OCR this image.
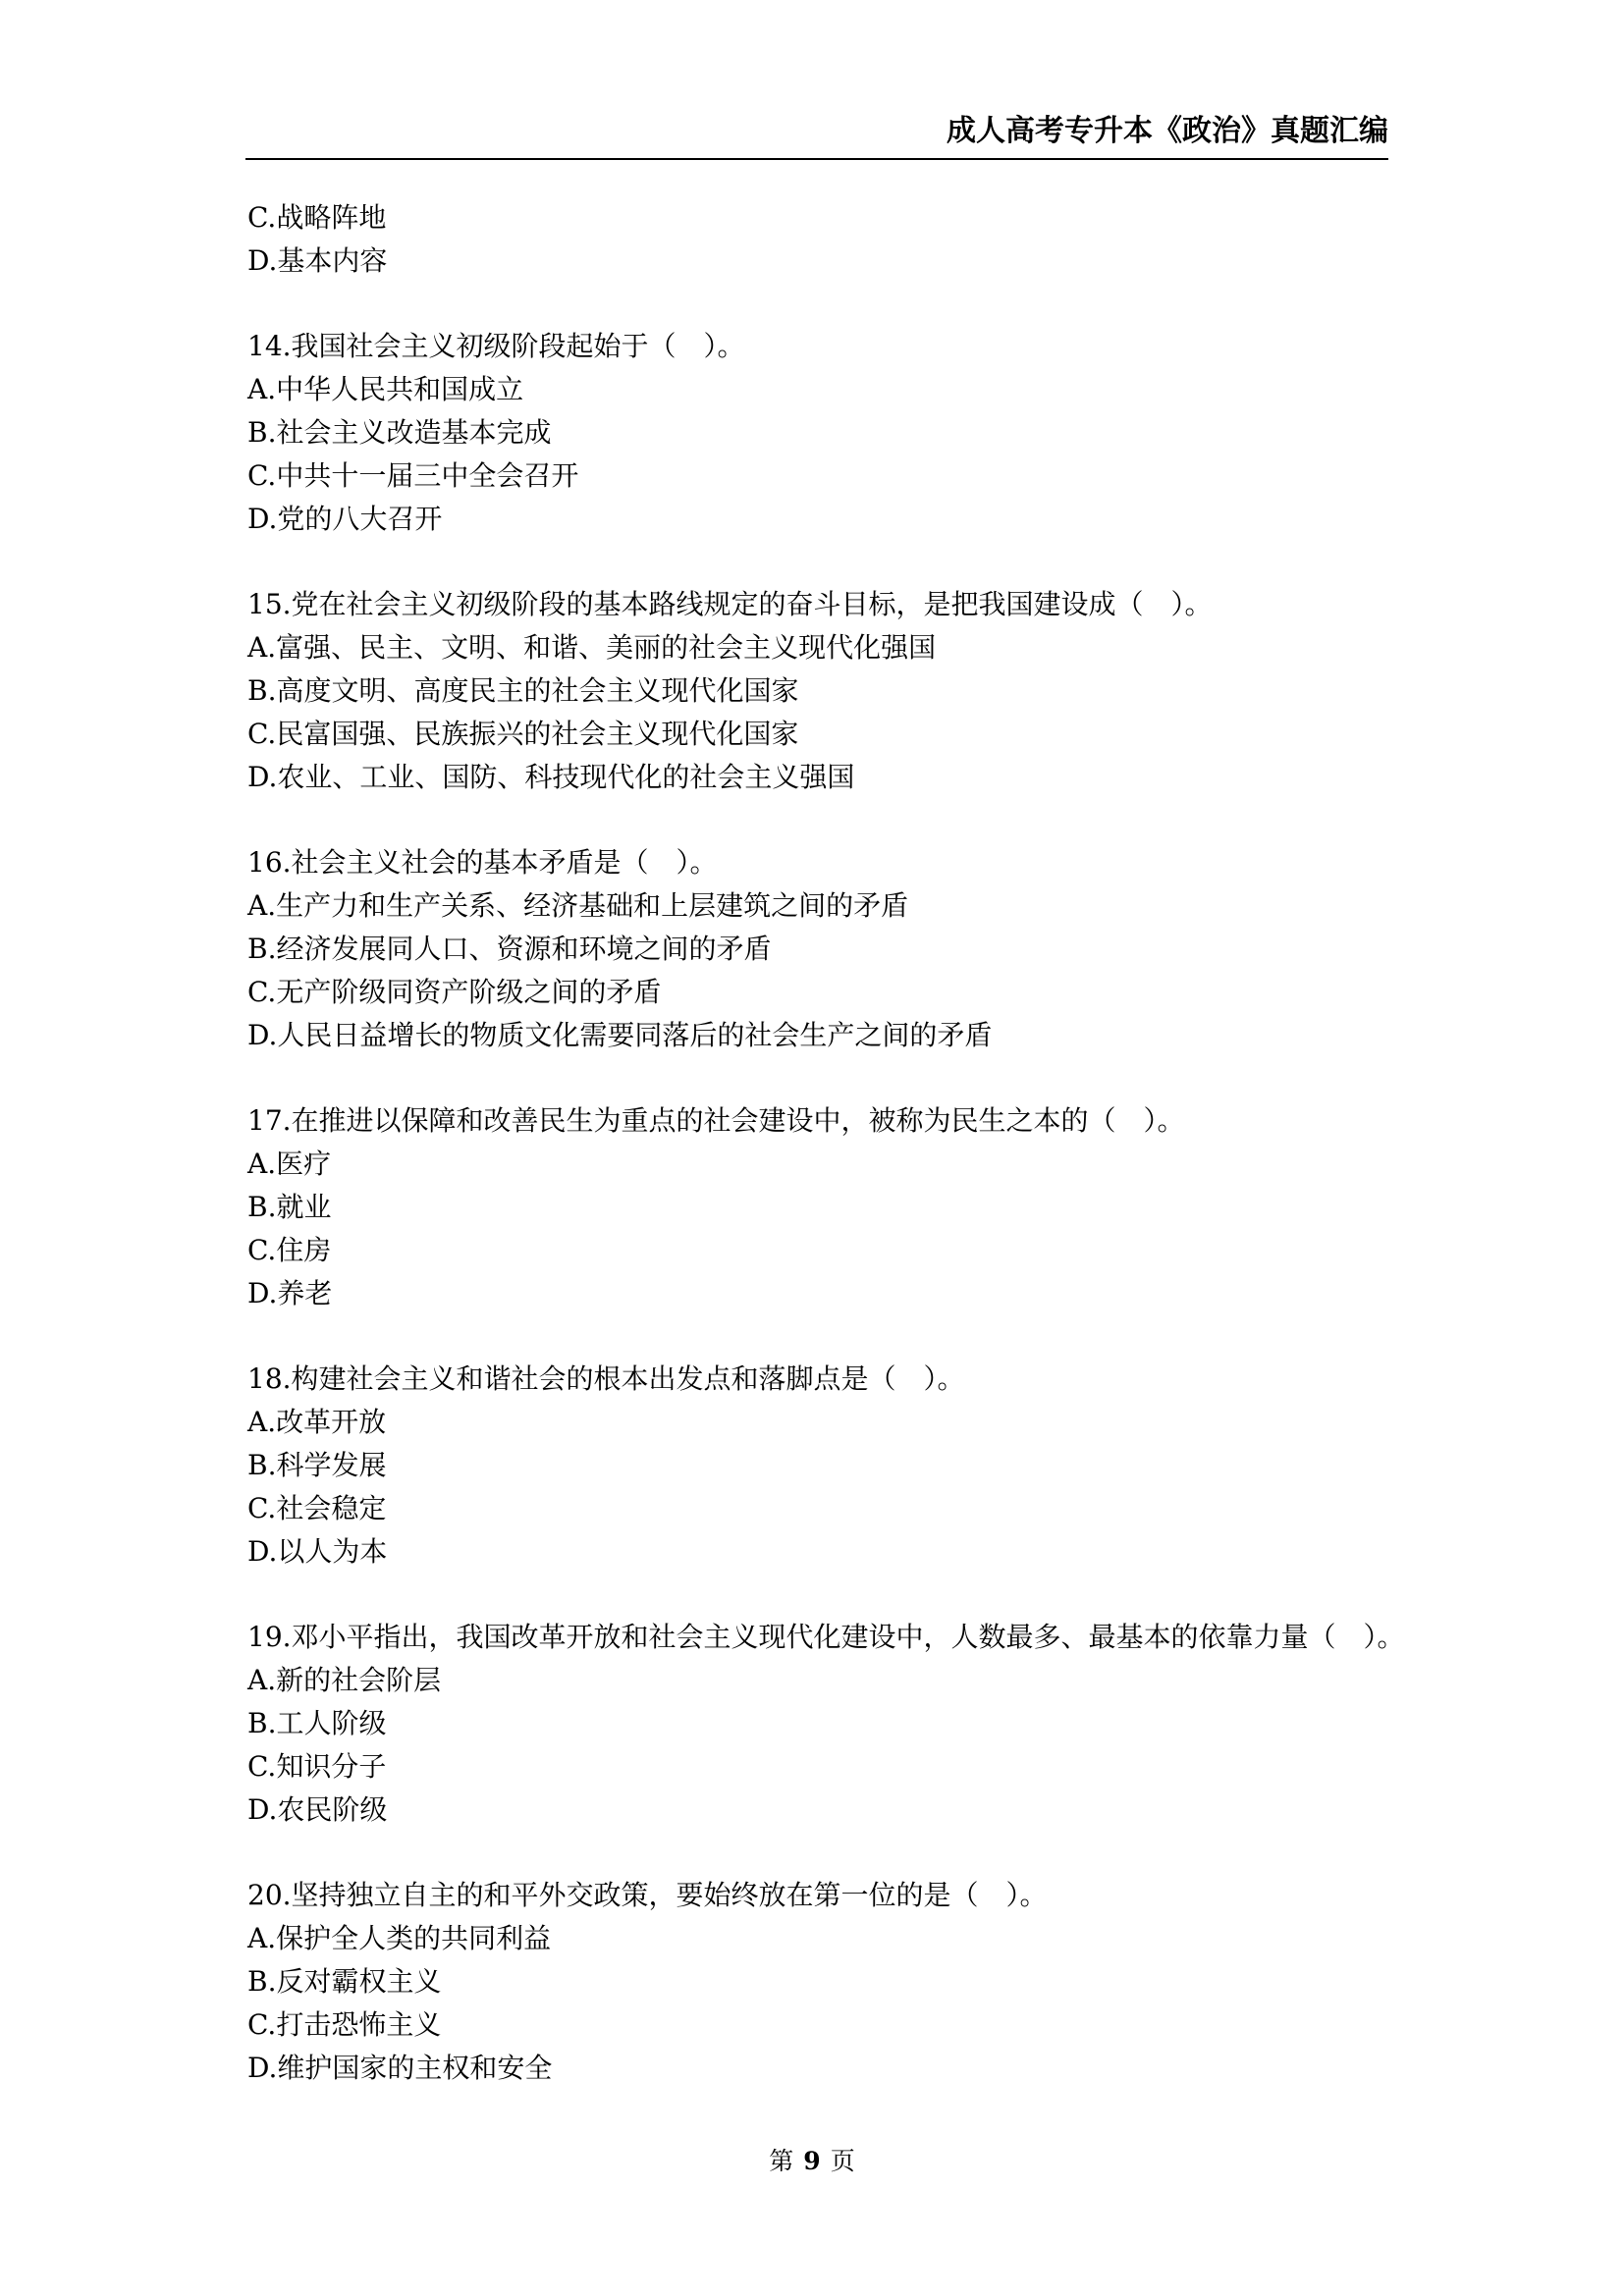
成人高考专升本《政治》真题汇编
C.战略阵地
D.基本内容
14.我国社会主义初级阶段起始于（　）。
A.中华人民共和国成立
B.社会主义改造基本完成
C.中共十一届三中全会召开
D.党的八大召开
15.党在社会主义初级阶段的基本路线规定的奋斗目标，是把我国建设成（　）。
A.富强、民主、文明、和谐、美丽的社会主义现代化强国
B.高度文明、高度民主的社会主义现代化国家
C.民富国强、民族振兴的社会主义现代化国家
D.农业、工业、国防、科技现代化的社会主义强国
16.社会主义社会的基本矛盾是（　）。
A.生产力和生产关系、经济基础和上层建筑之间的矛盾
B.经济发展同人口、资源和环境之间的矛盾
C.无产阶级同资产阶级之间的矛盾
D.人民日益增长的物质文化需要同落后的社会生产之间的矛盾
17.在推进以保障和改善民生为重点的社会建设中，被称为民生之本的（　）。
A.医疗
B.就业
C.住房
D.养老
18.构建社会主义和谐社会的根本出发点和落脚点是（　）。
A.改革开放
B.科学发展
C.社会稳定
D.以人为本
19.邓小平指出，我国改革开放和社会主义现代化建设中，人数最多、最基本的依靠力量（　）。
A.新的社会阶层
B.工人阶级
C.知识分子
D.农民阶级
20.坚持独立自主的和平外交政策，要始终放在第一位的是（　）。
A.保护全人类的共同利益
B.反对霸权主义
C.打击恐怖主义
D.维护国家的主权和安全
第 9 页
